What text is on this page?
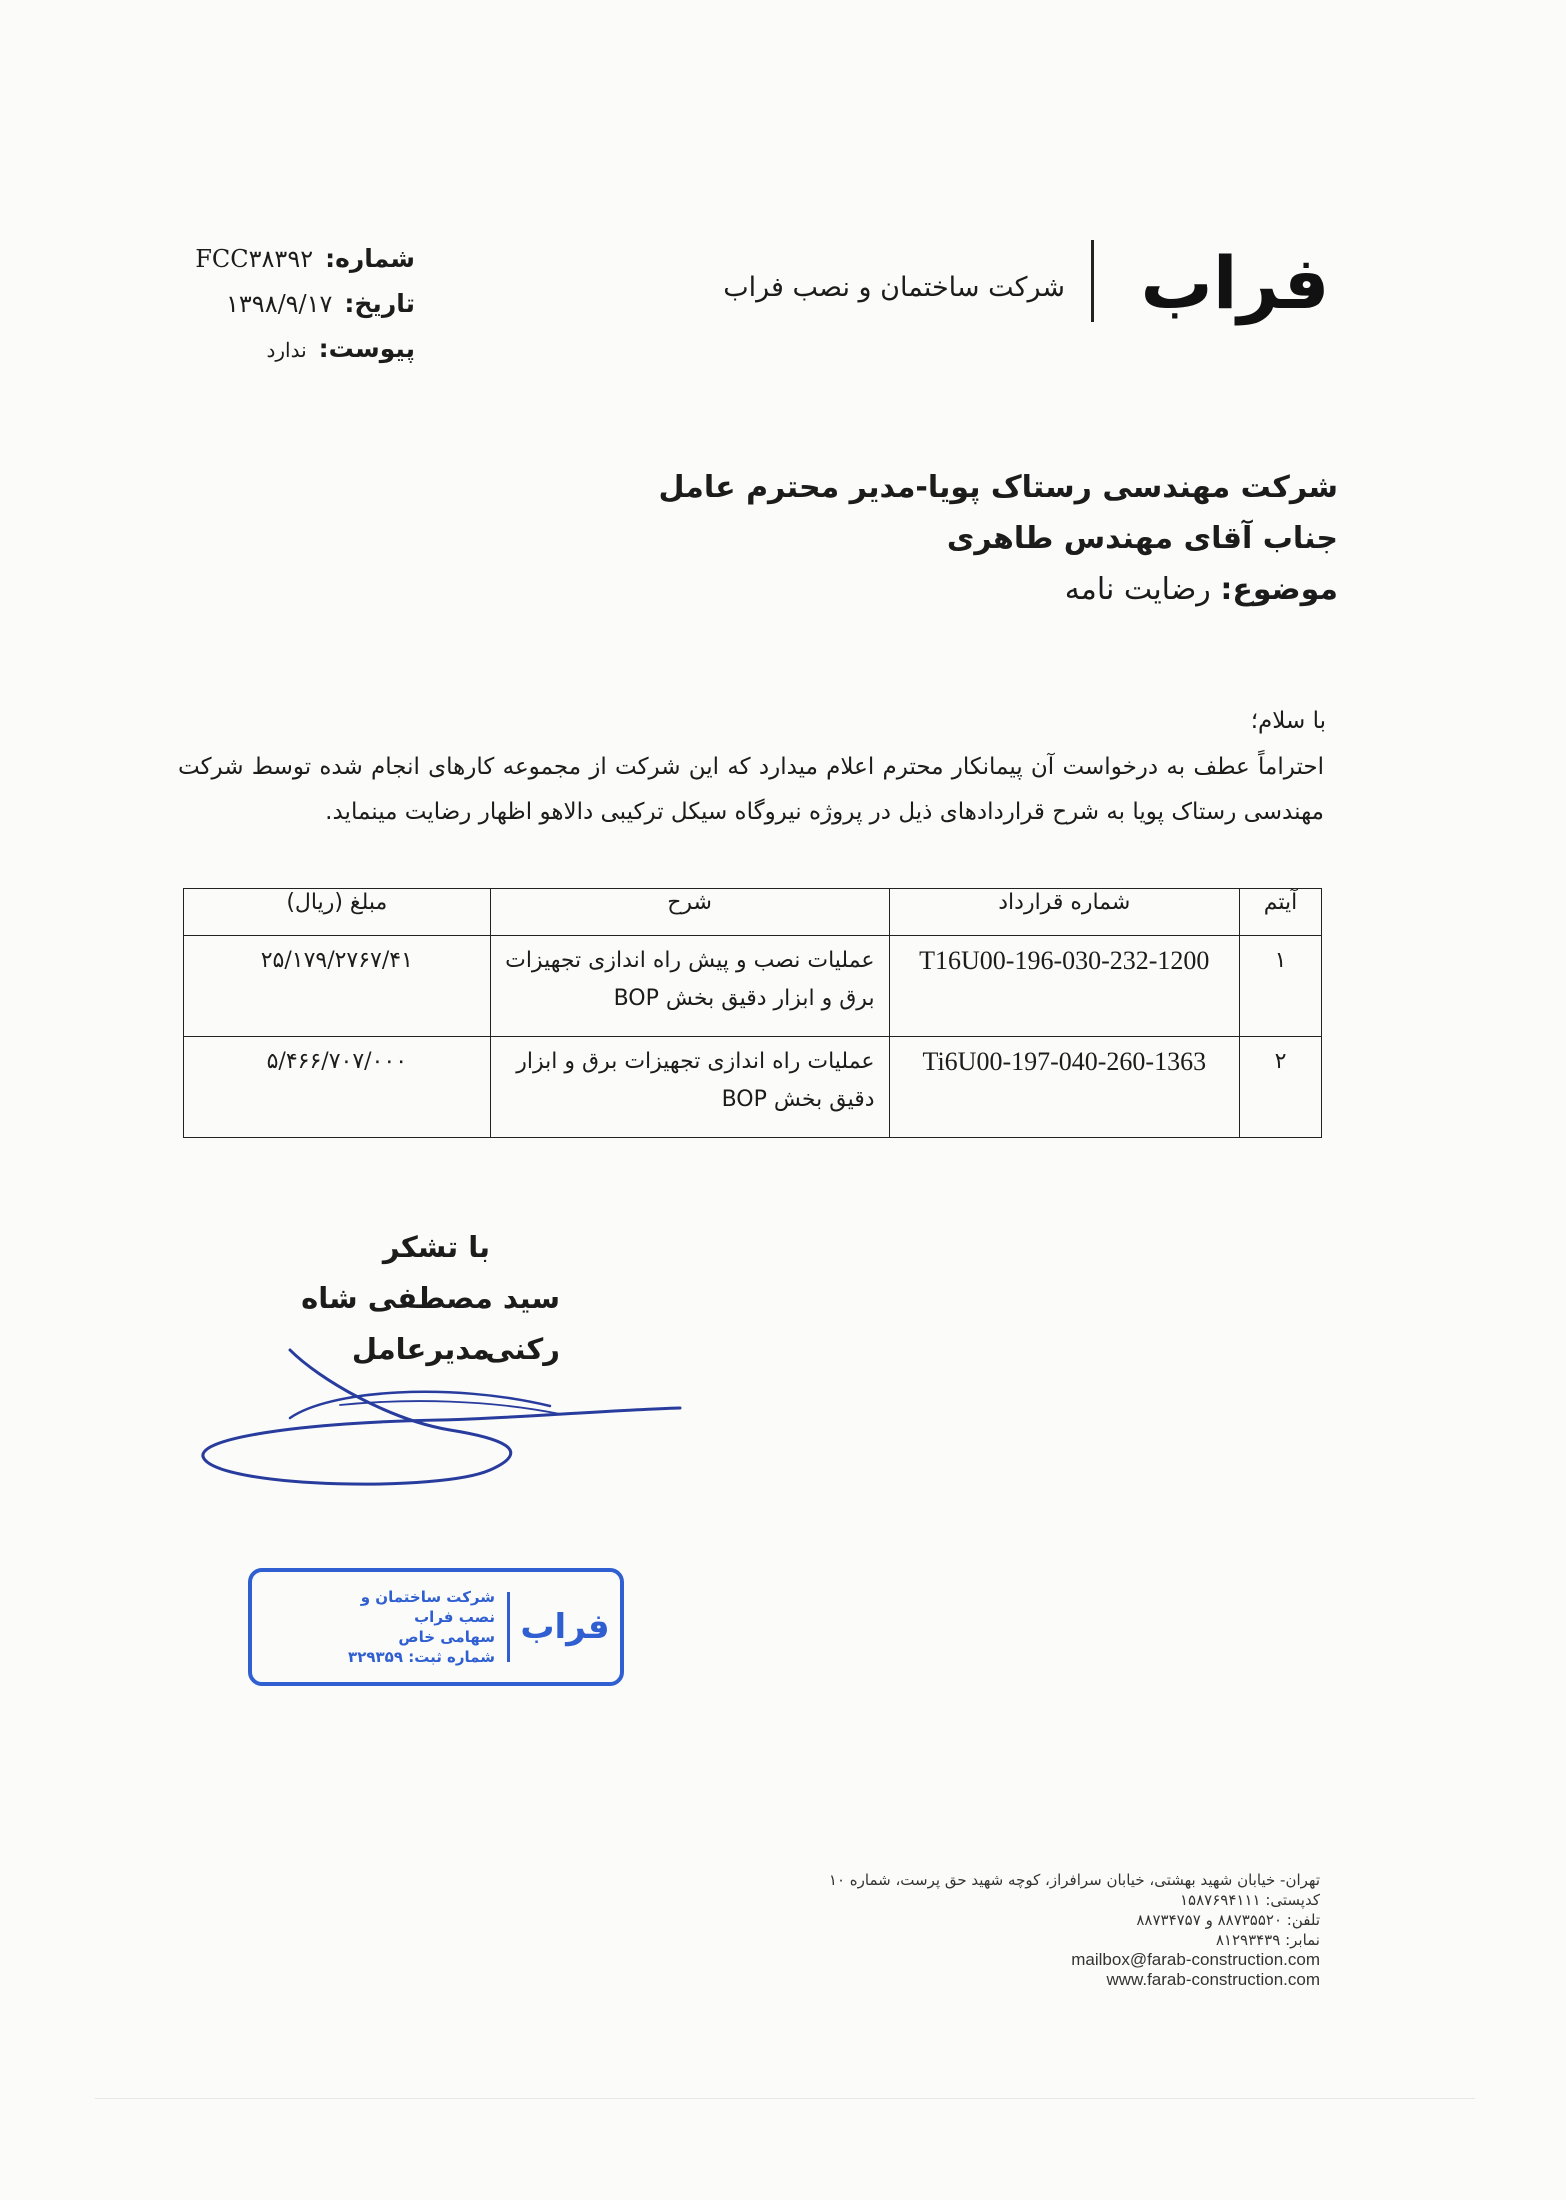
فراب
شرکت ساختمان و نصب فراب
شماره:
FCC۳۸۳۹۲
تاریخ:
۱۳۹۸/۹/۱۷
پیوست:
ندارد
شرکت مهندسی رستاک پویا-مدیر محترم عامل
جناب آقای مهندس طاهری
موضوع: رضایت نامه
با سلام؛
احتراماً عطف به درخواست آن پیمانکار محترم اعلام میدارد که این شرکت از مجموعه کارهای انجام شده توسط شرکت مهندسی رستاک پویا به شرح قراردادهای ذیل در پروژه نیروگاه سیکل ترکیبی دالاهو اظهار رضایت مینماید.
آیتم	شماره قرارداد	شرح	مبلغ (ریال)
۱	T16U00-196-030-232-1200	عملیات نصب و پیش راه اندازی تجهیزات برق و ابزار دقیق بخش BOP	۲۵/۱۷۹/۲۷۶۷/۴۱
۲	Ti6U00-197-040-260-1363	عملیات راه اندازی تجهیزات برق و ابزار دقیق بخش BOP	۵/۴۶۶/۷۰۷/۰۰۰
با تشکر
سید مصطفی شاه رکنی
مدیرعامل
فراب
شرکت ساختمان و
نصب فراب
سهامی خاص
شماره ثبت: ۳۲۹۳۵۹
تهران- خیابان شهید بهشتی، خیابان سرافراز، کوچه شهید حق پرست، شماره ۱۰
کدپستی: ۱۵۸۷۶۹۴۱۱۱
تلفن: ۸۸۷۳۵۵۲۰ و ۸۸۷۳۴۷۵۷
نمابر: ۸۱۲۹۳۴۳۹
mailbox@farab-construction.com
www.farab-construction.com
